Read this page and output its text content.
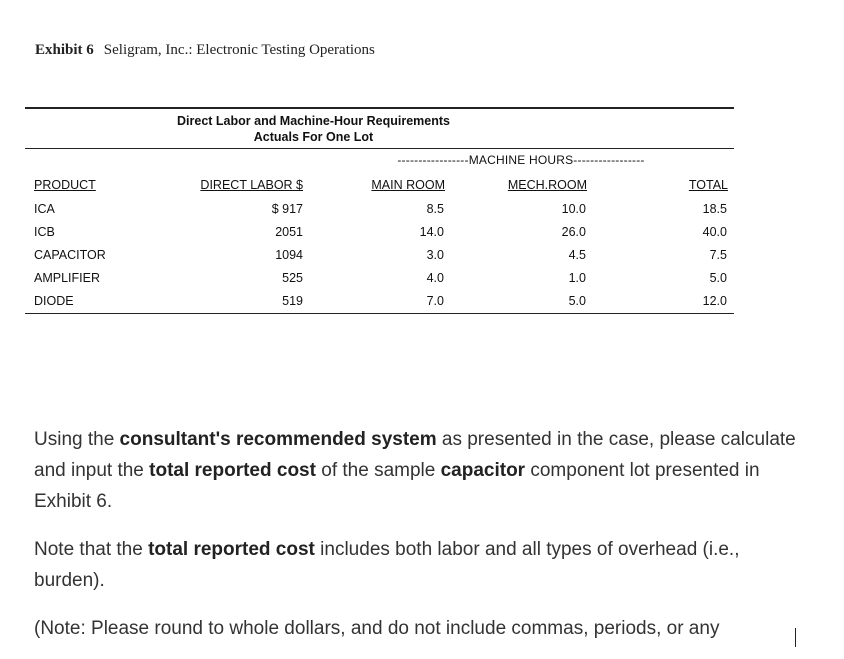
Exhibit 6 Seligram, Inc.: Electronic Testing Operations
Direct Labor and Machine-Hour Requirements
Actuals For One Lot
-----------------MACHINE HOURS-----------------
PRODUCT	DIRECT LABOR $	MAIN ROOM	MECH.ROOM	TOTAL
ICA	$ 917	8.5	10.0	18.5
ICB	2051	14.0	26.0	40.0
CAPACITOR	1094	3.0	4.5	7.5
AMPLIFIER	525	4.0	1.0	5.0
DIODE	519	7.0	5.0	12.0
Using the consultant's recommended system as presented in the case, please calculate and input the total reported cost of the sample capacitor component lot presented in Exhibit 6.
Note that the total reported cost includes both labor and all types of overhead (i.e., burden).
(Note: Please round to whole dollars, and do not include commas, periods, or any
